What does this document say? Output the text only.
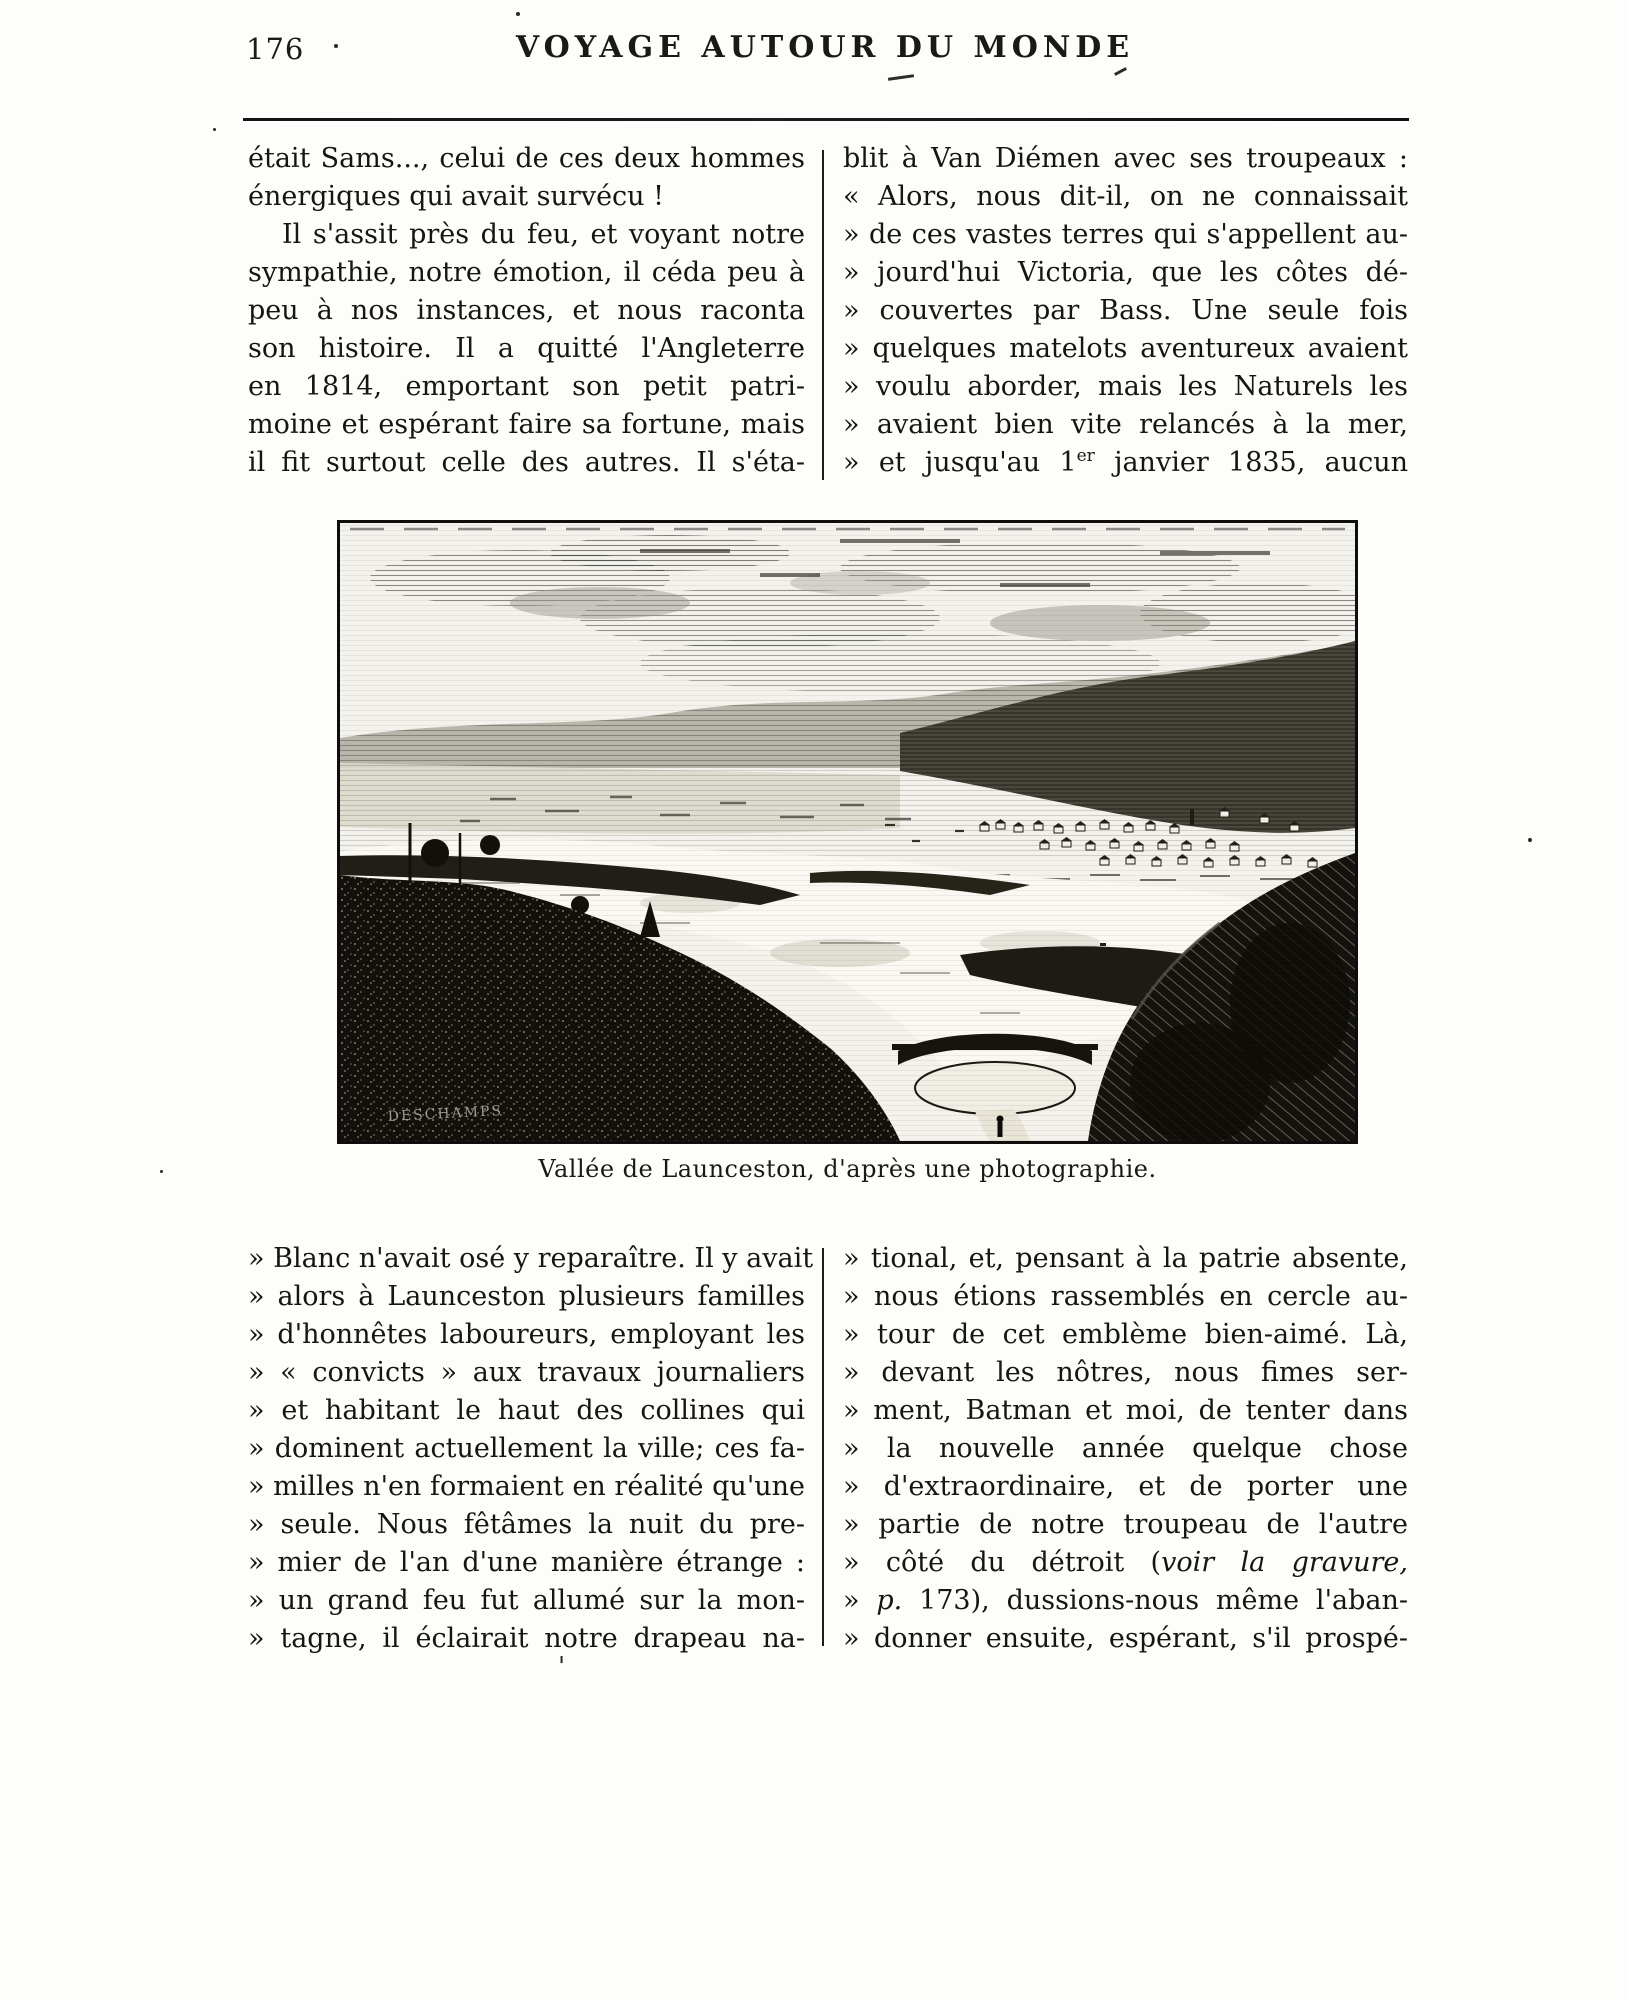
176	VOYAGE AUTOUR DU MONDE
était Sams..., celui de ces deux hommes
énergiques qui avait survécu !
Il s'assit près du feu, et voyant notre
sympathie, notre émotion, il céda peu à
peu à nos instances, et nous raconta
son histoire. Il a quitté l'Angleterre
en 1814, emportant son petit patri-
moine et espérant faire sa fortune, mais
il fit surtout celle des autres. Il s'éta-
blit à Van Diémen avec ses troupeaux :
« Alors, nous dit-il, on ne connaissait
» de ces vastes terres qui s'appellent au-
» jourd'hui Victoria, que les côtes dé-
» couvertes par Bass. Une seule fois
» quelques matelots aventureux avaient
» voulu aborder, mais les Naturels les
» avaient bien vite relancés à la mer,
» et jusqu'au 1er janvier 1835, aucun
DESCHAMPS
Vallée de Launceston, d'après une photographie.
» Blanc n'avait osé y reparaître. Il y avait
» alors à Launceston plusieurs familles
» d'honnêtes laboureurs, employant les
» « convicts » aux travaux journaliers
» et habitant le haut des collines qui
» dominent actuellement la ville; ces fa-
» milles n'en formaient en réalité qu'une
» seule. Nous fêtâmes la nuit du pre-
» mier de l'an d'une manière étrange :
» un grand feu fut allumé sur la mon-
» tagne, il éclairait notre drapeau na-
» tional, et, pensant à la patrie absente,
» nous étions rassemblés en cercle au-
» tour de cet emblème bien-aimé. Là,
» devant les nôtres, nous fimes ser-
» ment, Batman et moi, de tenter dans
» la nouvelle année quelque chose
» d'extraordinaire, et de porter une
» partie de notre troupeau de l'autre
» côté du détroit (voir la gravure,
» p. 173), dussions-nous même l'aban-
» donner ensuite, espérant, s'il prospé-
'
